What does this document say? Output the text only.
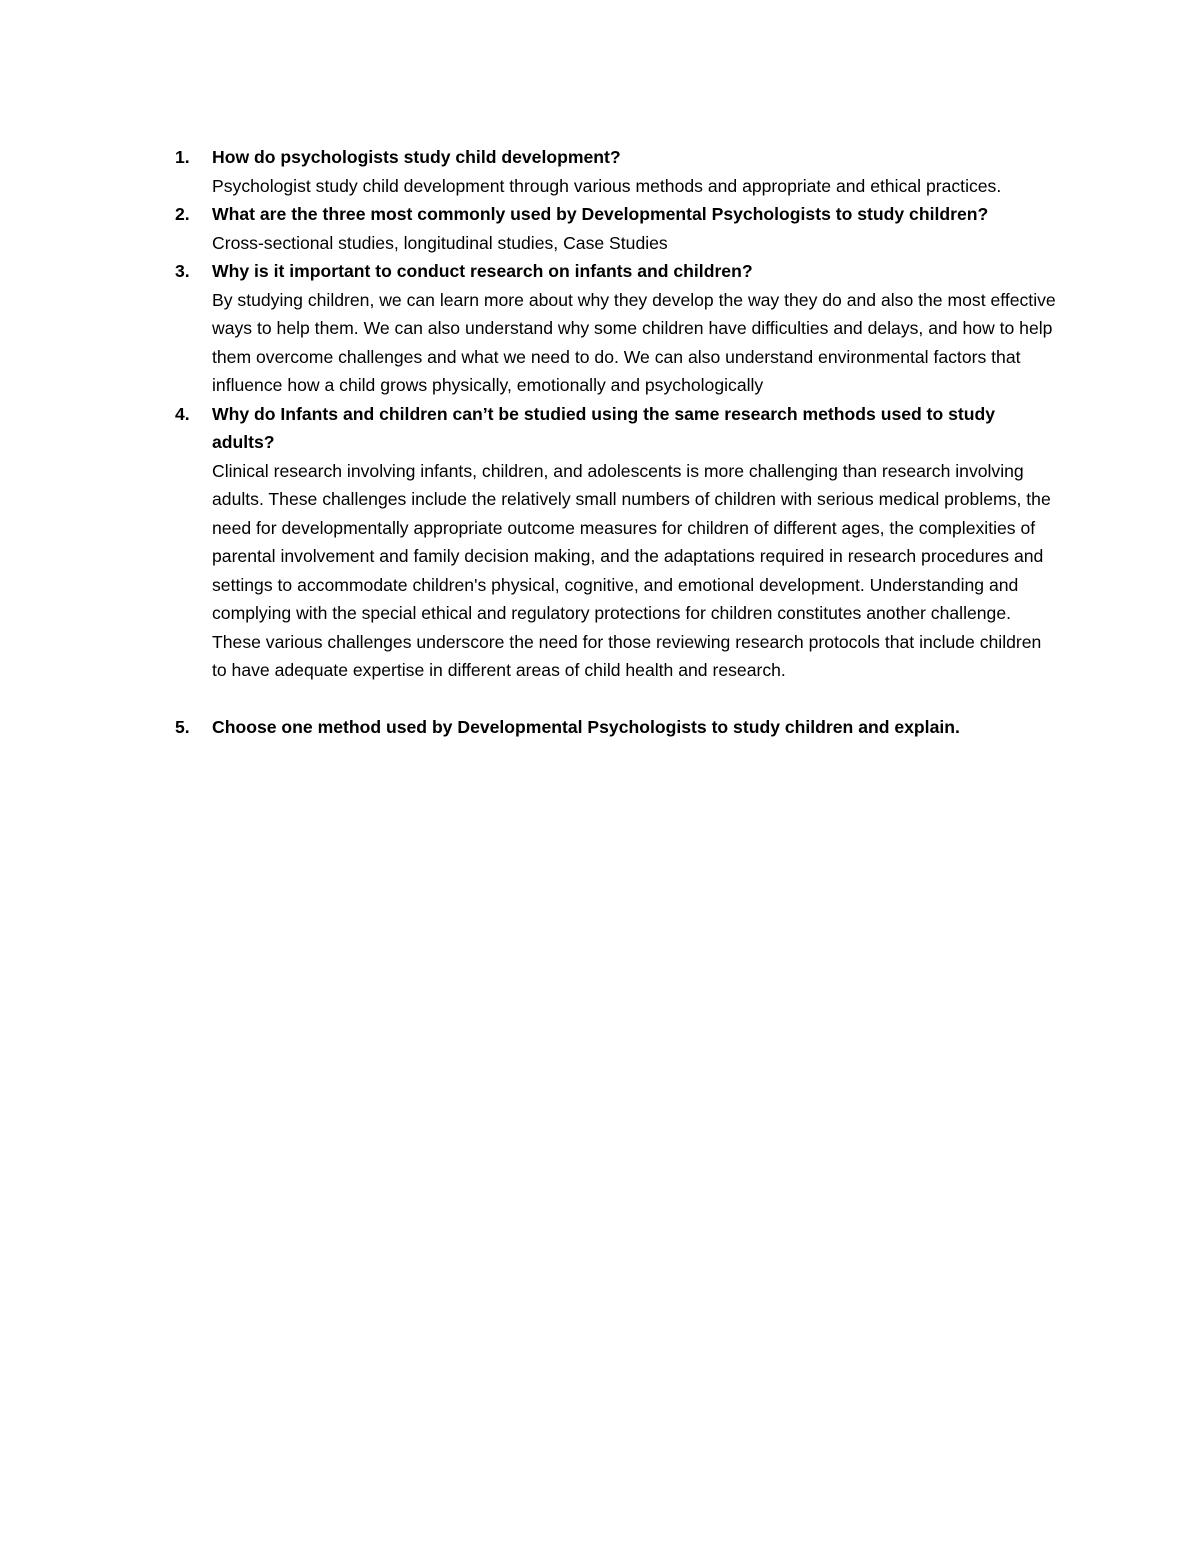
1. How do psychologists study child development?
Psychologist study child development through various methods and appropriate and ethical practices.
2. What are the three most commonly used by Developmental Psychologists to study children?
Cross-sectional studies, longitudinal studies, Case Studies
3. Why is it important to conduct research on infants and children?
By studying children, we can learn more about why they develop the way they do and also the most effective ways to help them. We can also understand why some children have difficulties and delays, and how to help them overcome challenges and what we need to do. We can also understand environmental factors that influence how a child grows physically, emotionally and psychologically
4. Why do Infants and children can’t be studied using the same research methods used to study adults?
Clinical research involving infants, children, and adolescents is more challenging than research involving adults. These challenges include the relatively small numbers of children with serious medical problems, the need for developmentally appropriate outcome measures for children of different ages, the complexities of parental involvement and family decision making, and the adaptations required in research procedures and settings to accommodate children's physical, cognitive, and emotional development. Understanding and complying with the special ethical and regulatory protections for children constitutes another challenge. These various challenges underscore the need for those reviewing research protocols that include children to have adequate expertise in different areas of child health and research.
5. Choose one method used by Developmental Psychologists to study children and explain.
